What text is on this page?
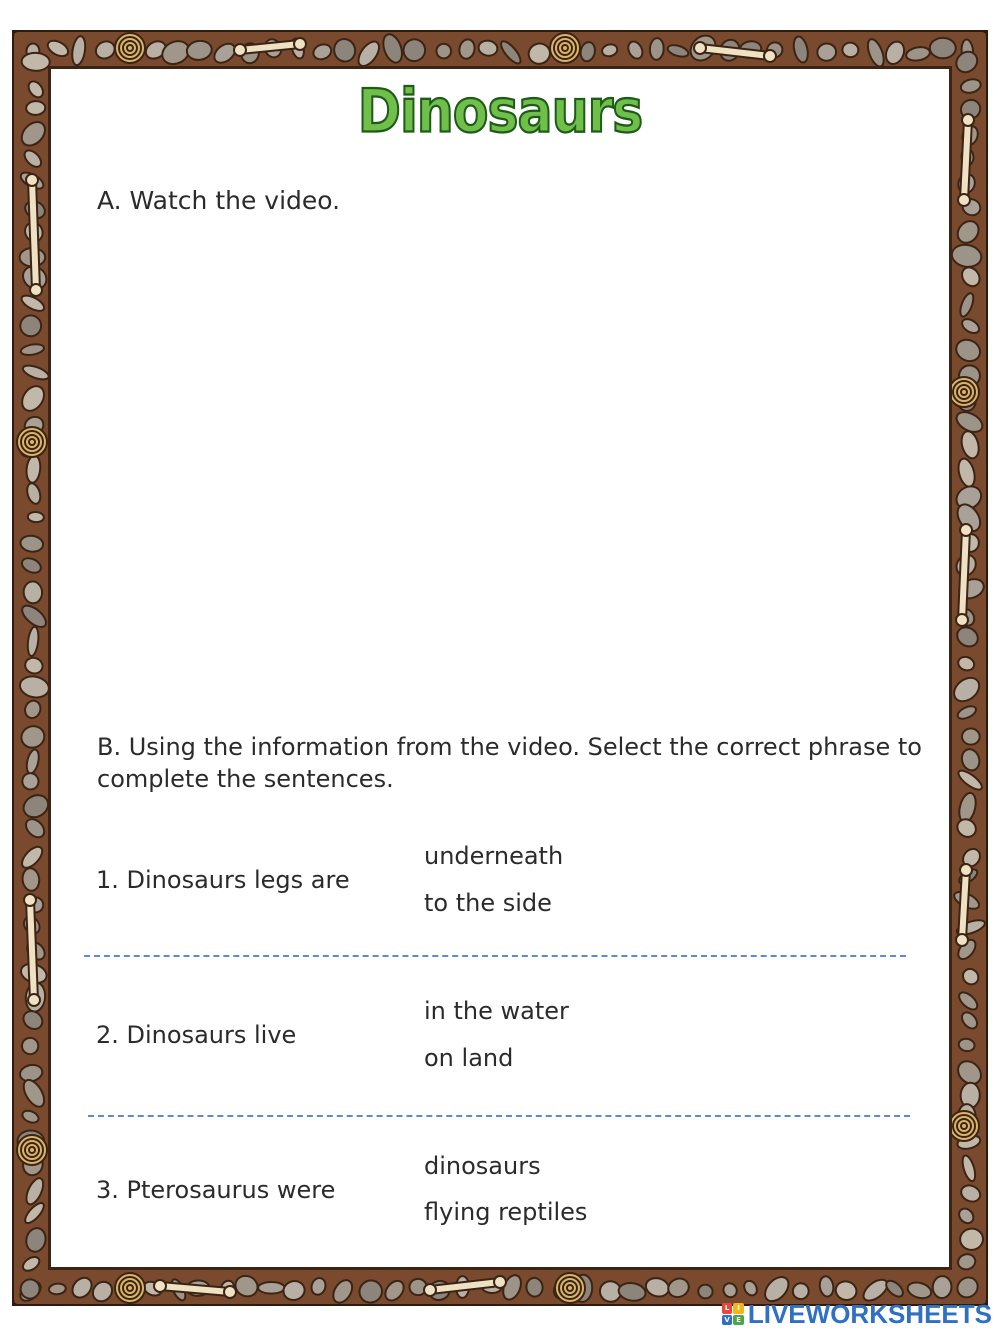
Dinosaurs
A. Watch the video.
B. Using the information from the video. Select the correct phrase to complete the sentences.
1. Dinosaurs legs are
underneath
to the side
2. Dinosaurs live
in the water
on land
3. Pterosaurus were
dinosaurs
flying reptiles
L	I
V E LIVEWORKSHEETS
